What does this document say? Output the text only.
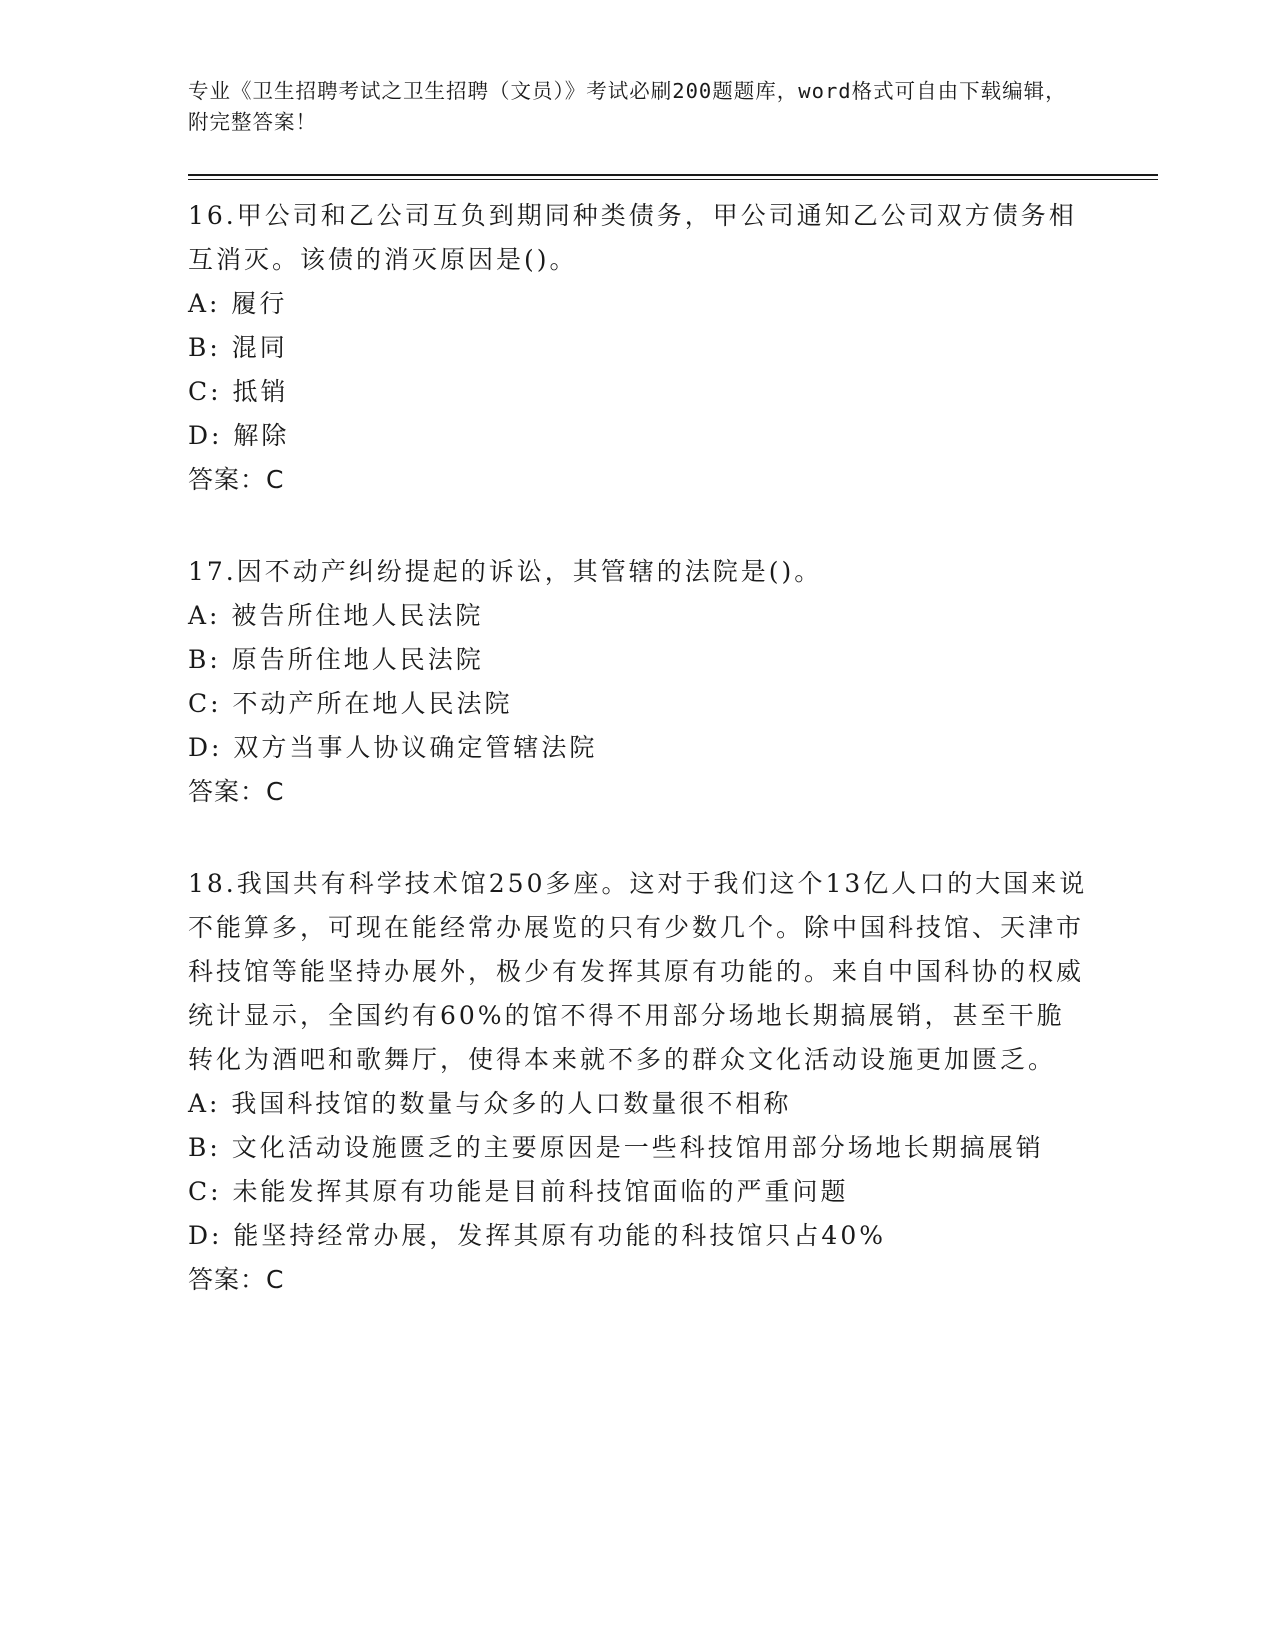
专业《卫生招聘考试之卫生招聘（文员）》考试必刷200题题库，word格式可自由下载编辑，附完整答案！
16.甲公司和乙公司互负到期同种类债务，甲公司通知乙公司双方债务相互消灭。该债的消灭原因是()。
A: 履行
B: 混同
C: 抵销
D: 解除
答案：C
17.因不动产纠纷提起的诉讼，其管辖的法院是()。
A: 被告所住地人民法院
B: 原告所住地人民法院
C: 不动产所在地人民法院
D: 双方当事人协议确定管辖法院
答案：C
18.我国共有科学技术馆250多座。这对于我们这个13亿人口的大国来说不能算多，可现在能经常办展览的只有少数几个。除中国科技馆、天津市科技馆等能坚持办展外，极少有发挥其原有功能的。来自中国科协的权威统计显示，全国约有60%的馆不得不用部分场地长期搞展销，甚至干脆转化为酒吧和歌舞厅，使得本来就不多的群众文化活动设施更加匮乏。
A: 我国科技馆的数量与众多的人口数量很不相称
B: 文化活动设施匮乏的主要原因是一些科技馆用部分场地长期搞展销
C: 未能发挥其原有功能是目前科技馆面临的严重问题
D: 能坚持经常办展，发挥其原有功能的科技馆只占40%
答案：C
